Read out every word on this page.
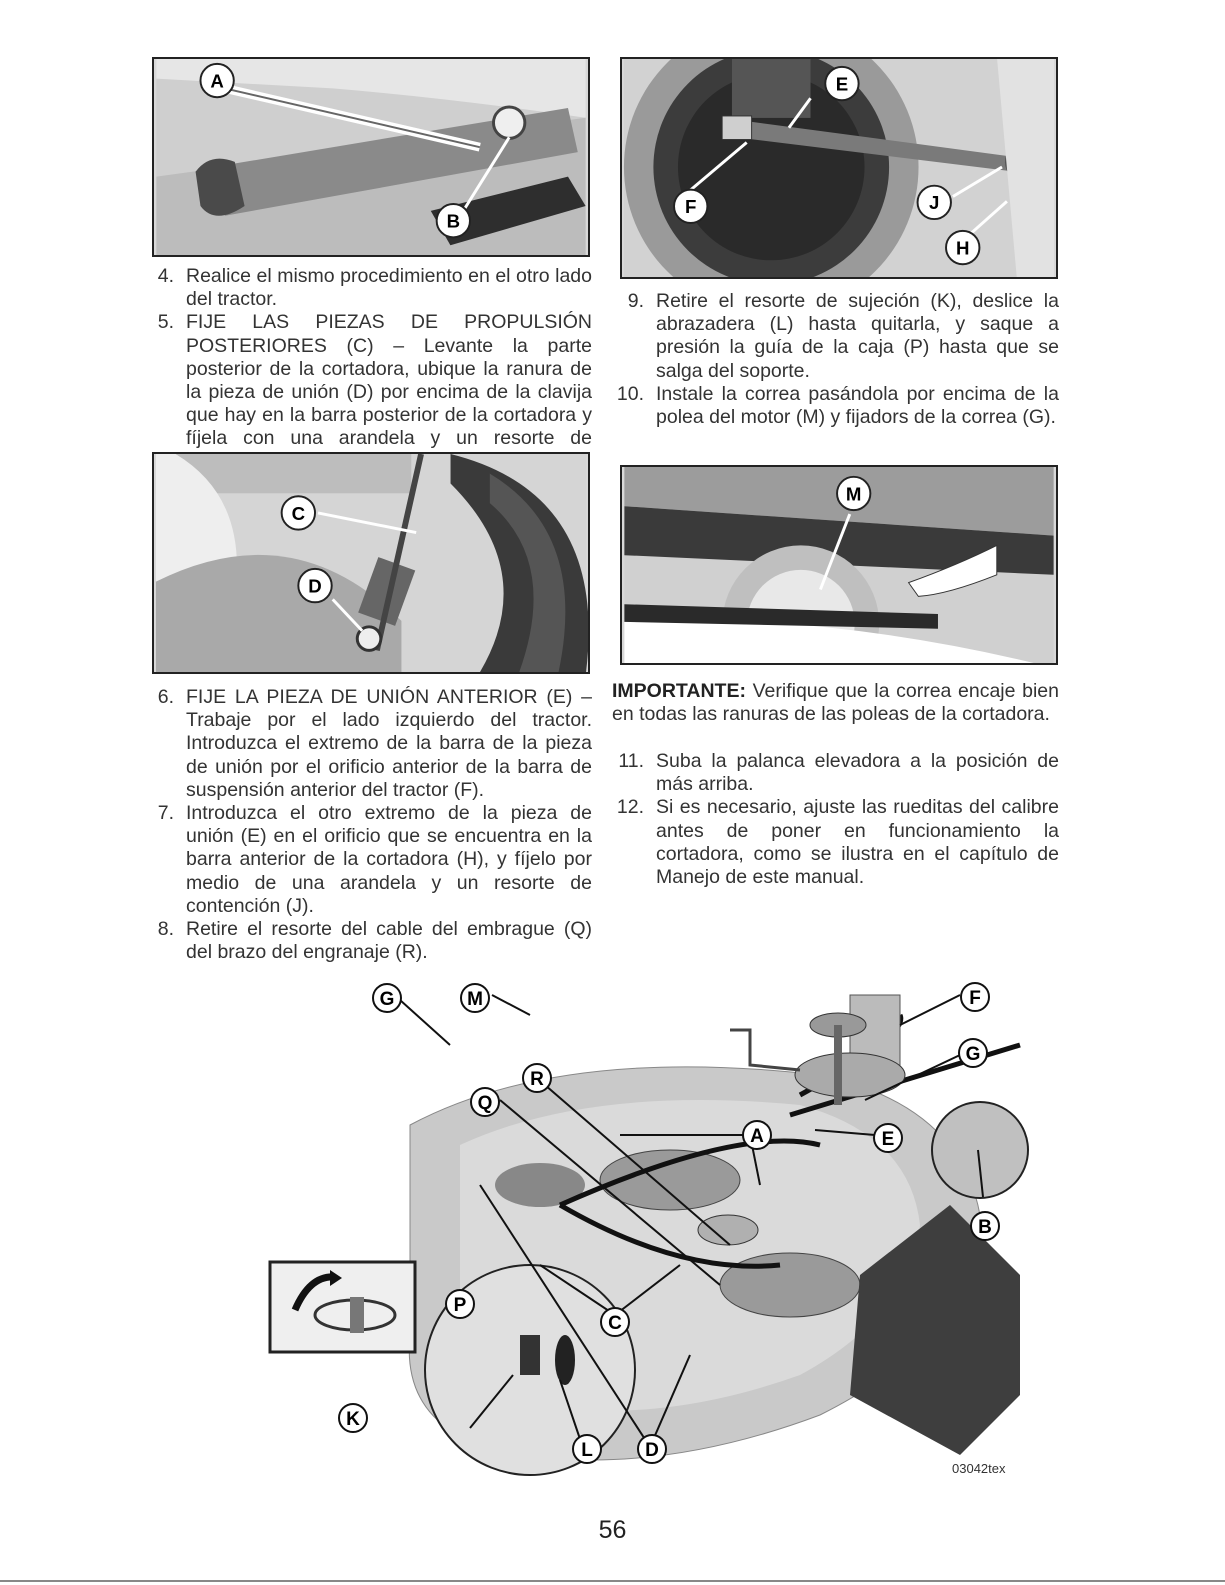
A
B
E
F	J
H
4. Realice el mismo procedimiento en el otro lado del tractor.
5. FIJE LAS PIEZAS DE PROPULSIÓN POSTERIORES (C) – Levante la parte posterior de la cortadora, ubique la ranura de la pieza de unión (D) por encima de la clavija que hay en la barra posterior de la cortadora y fíjela con una arandela y un resorte de
9. Retire el resorte de sujeción (K), deslice la abrazadera (L) hasta quitarla, y saque a presión la guía de la caja (P) hasta que se salga del soporte.
10. Instale la correa pasándola por encima de la polea del motor (M) y fijadors de la correa (G).
C
D
M
6. FIJE LA PIEZA DE UNIÓN ANTERIOR (E) – Trabaje por el lado izquierdo del tractor. Introduzca el extremo de la barra de la pieza de unión por el orificio anterior de la barra de suspensión anterior del tractor (F).
7. Introduzca el otro extremo de la pieza de unión (E) en el orificio que se encuentra en la barra anterior de la cortadora (H), y fíjelo por medio de una arandela y un resorte de contención (J).
8. Retire el resorte del cable del embrague (Q) del brazo del engranaje (R).
IMPORTANTE: Verifique que la correa encaje bien en todas las ranuras de las poleas de la cortadora.
11. Suba la palanca elevadora a la posición de más arriba.
12. Si es necesario, ajuste las rueditas del calibre antes de poner en funcionamiento la cortadora, como se ilustra en el capítulo de Manejo de este manual.
G	M	F
G
R
Q
A	E
B
P
C
K
L	D
03042tex
56
